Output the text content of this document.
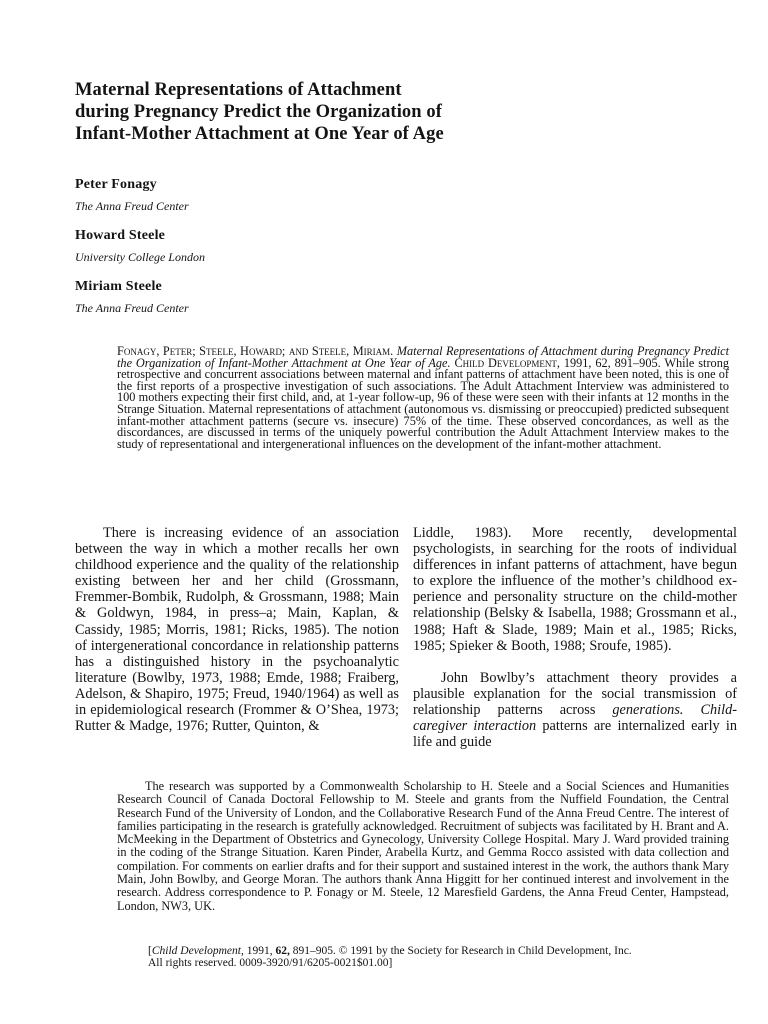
Maternal Representations of Attachment
during Pregnancy Predict the Organization of
Infant-Mother Attachment at One Year of Age

Peter Fonagy

The Anna Freud Center

Howard Steele

University College London

Miriam Steele

The Anna Freud Center

Fonagy, Peter; Steele, Howard; and Steele, Miriam. Maternal Representations of Attachment during Pregnancy Predict the Organization of Infant-Mother Attachment at One Year of Age. Child Development, 1991, 62, 891–905. While strong retrospective and concurrent associations between maternal and infant patterns of attachment have been noted, this is one of the first reports of a prospective investigation of such associations. The Adult Attachment Interview was administered to 100 mothers expecting their first child, and, at 1-year follow-up, 96 of these were seen with their infants at 12 months in the Strange Situation. Maternal representations of attachment (autonomous vs. dismissing or preoccupied) predicted subsequent infant-mother attachment patterns (secure vs. insecure) 75% of the time. These observed concordances, as well as the discordances, are discussed in terms of the uniquely powerful contribution the Adult Attachment Interview makes to the study of representational and intergenerational influences on the development of the infant-mother attachment.

There is increasing evidence of an association between the way in which a mother recalls her own childhood experience and the quality of the relationship existing between her and her child (Grossmann, Fremmer-Bombik, Rudolph, & Grossmann, 1988; Main & Goldwyn, 1984, in press–a; Main, Kaplan, & Cassidy, 1985; Morris, 1981; Ricks, 1985). The notion of intergenerational concordance in relationship patterns has a distinguished history in the psychoanalytic literature (Bowlby, 1973, 1988; Emde, 1988; Fraiberg, Adelson, & Shapiro, 1975; Freud, 1940/1964) as well as in epidemiological research (Frommer & O’Shea, 1973; Rutter & Madge, 1976; Rutter, Quinton, &

Liddle, 1983). More recently, developmental psychologists, in searching for the roots of individual differences in infant patterns of attachment, have begun to explore the influence of the mother’s childhood experience and personality structure on the child-mother relationship (Belsky & Isabella, 1988; Grossmann et al., 1988; Haft & Slade, 1989; Main et al., 1985; Ricks, 1985; Spieker & Booth, 1988; Sroufe, 1985).

John Bowlby’s attachment theory provides a plausible explanation for the social transmission of relationship patterns across generations. Child-caregiver interaction patterns are internalized early in life and guide

The research was supported by a Commonwealth Scholarship to H. Steele and a Social Sciences and Humanities Research Council of Canada Doctoral Fellowship to M. Steele and grants from the Nuffield Foundation, the Central Research Fund of the University of London, and the Collaborative Research Fund of the Anna Freud Centre. The interest of families participating in the research is gratefully acknowledged. Recruitment of subjects was facilitated by H. Brant and A. McMeeking in the Department of Obstetrics and Gynecology, University College Hospital. Mary J. Ward provided training in the coding of the Strange Situation. Karen Pinder, Arabella Kurtz, and Gemma Rocco assisted with data collection and compilation. For comments on earlier drafts and for their support and sustained interest in the work, the authors thank Mary Main, John Bowlby, and George Moran. The authors thank Anna Higgitt for her continued interest and involvement in the research. Address correspondence to P. Fonagy or M. Steele, 12 Maresfield Gardens, the Anna Freud Center, Hampstead, London, NW3, UK.

[Child Development, 1991, 62, 891–905. © 1991 by the Society for Research in Child Development, Inc.
All rights reserved. 0009-3920/91/6205-0021$01.00]
